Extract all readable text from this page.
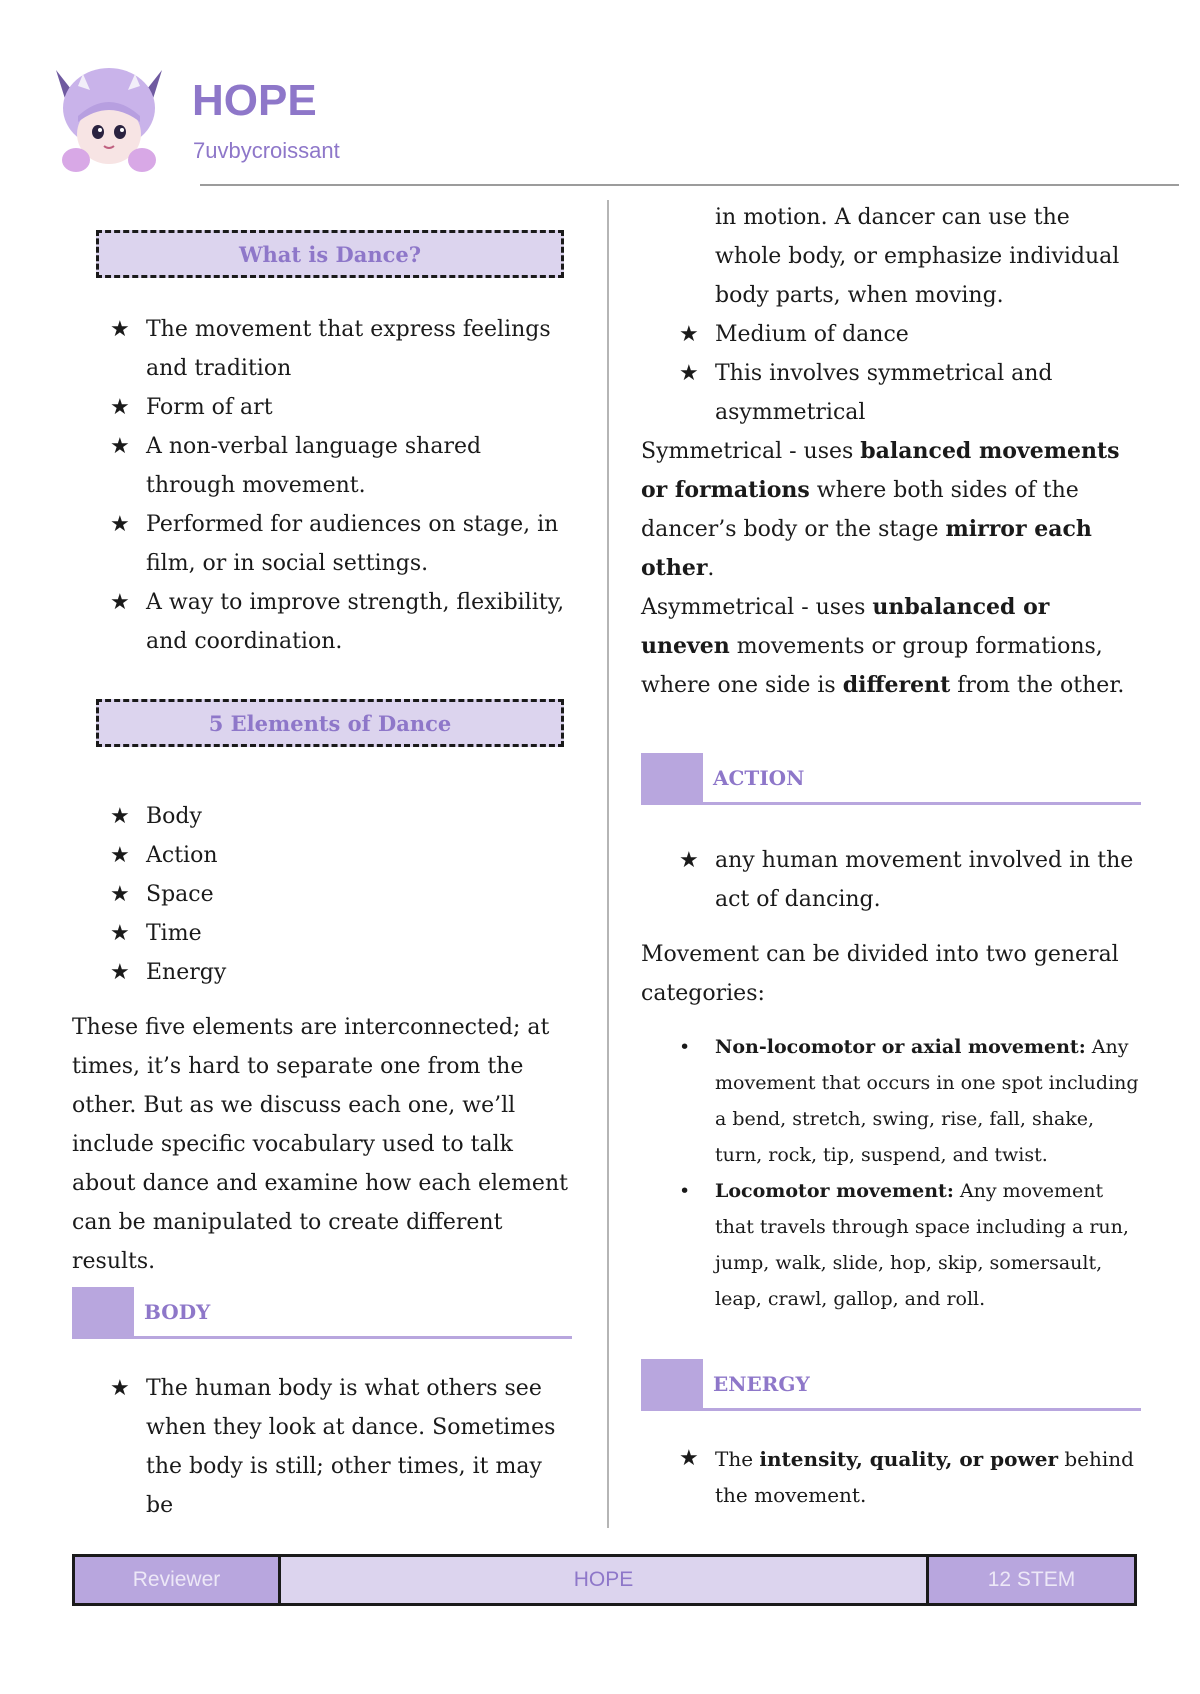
HOPE
7uvbycroissant
What is Dance?
★ The movement that express feelings and tradition
★ Form of art
★ A non-verbal language shared through movement.
★ Performed for audiences on stage, in film, or in social settings.
★ A way to improve strength, flexibility, and coordination.
5 Elements of Dance
★ Body
★ Action
★ Space
★ Time
★ Energy

These five elements are interconnected; at times, it’s hard to separate one from the other. But as we discuss each one, we’ll include specific vocabulary used to talk about dance and examine how each element can be manipulated to create different results.

BODY
★ The human body is what others see when they look at dance. Sometimes the body is still; other times, it may be
in motion. A dancer can use the whole body, or emphasize individual body parts, when moving.
★ Medium of dance
★ This involves symmetrical and asymmetrical

Symmetrical - uses balanced movements or formations where both sides of the dancer’s body or the stage mirror each other.

Asymmetrical - uses unbalanced or uneven movements or group formations, where one side is different from the other.

ACTION
★ any human movement involved in the act of dancing.

Movement can be divided into two general categories:

• Non-locomotor or axial movement: Any movement that occurs in one spot including a bend, stretch, swing, rise, fall, shake, turn, rock, tip, suspend, and twist.
• Locomotor movement: Any movement that travels through space including a run, jump, walk, slide, hop, skip, somersault, leap, crawl, gallop, and roll.
ENERGY
★ The intensity, quality, or power behind the movement.
Reviewer	HOPE	12 STEM
